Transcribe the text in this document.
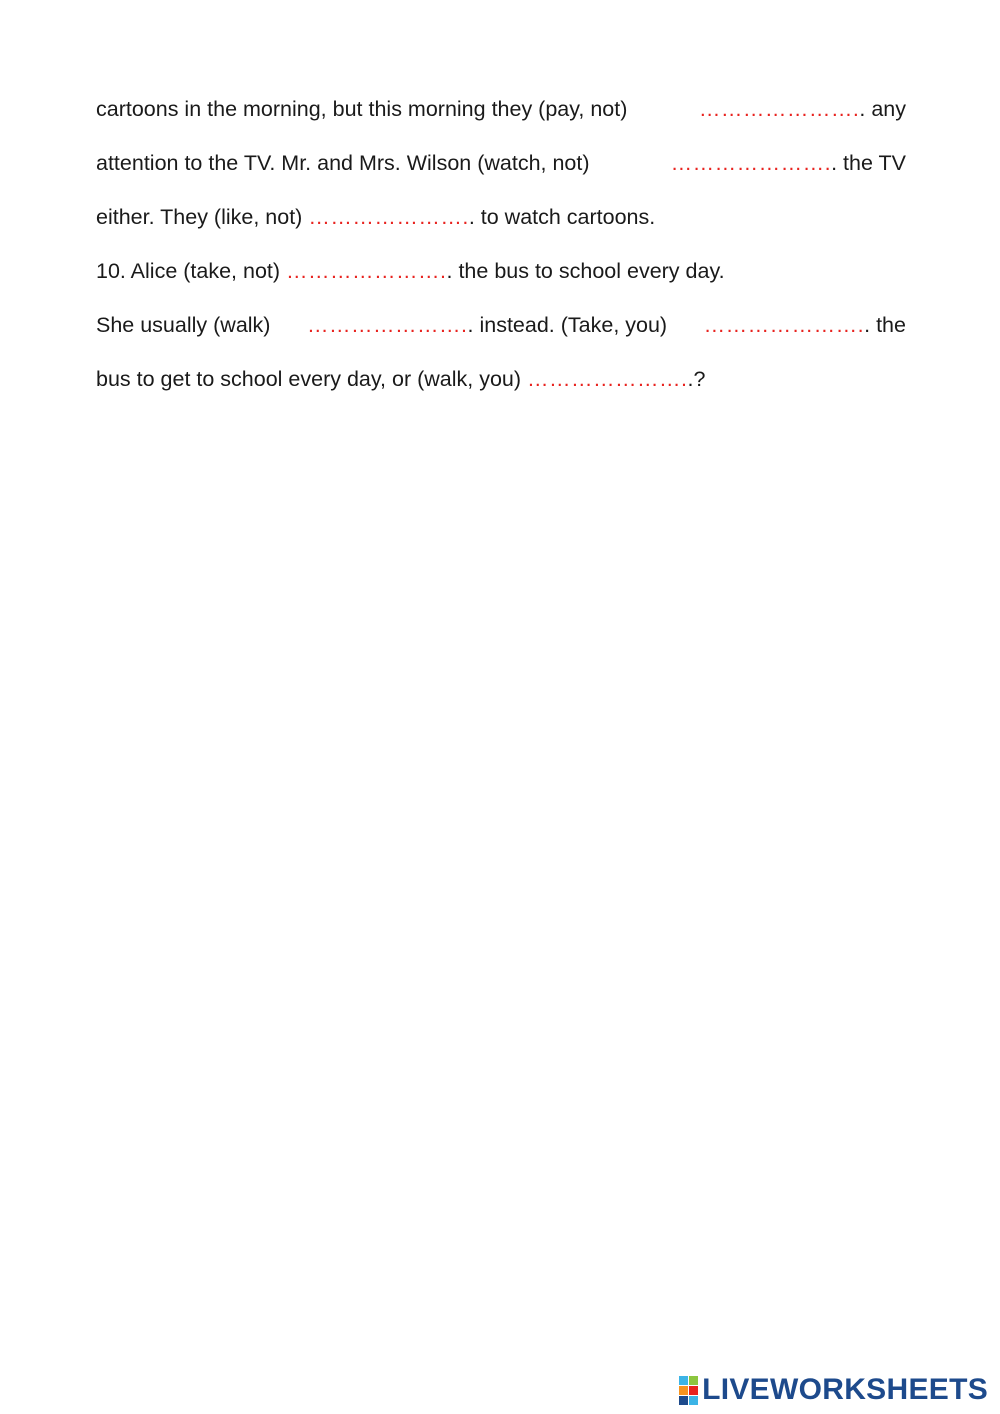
cartoons in the morning, but this morning they (pay, not)	………………….. any
attention to the TV. Mr. and Mrs. Wilson (watch, not)	………………….. the TV
either. They (like, not) ………………….. to watch cartoons.
10. Alice (take, not) ………………….. the bus to school every day.
She usually (walk) ………………….. instead. (Take, you) ………………….. the
bus to get to school every day, or (walk, you) …………………..?
LIVEWORKSHEETS
